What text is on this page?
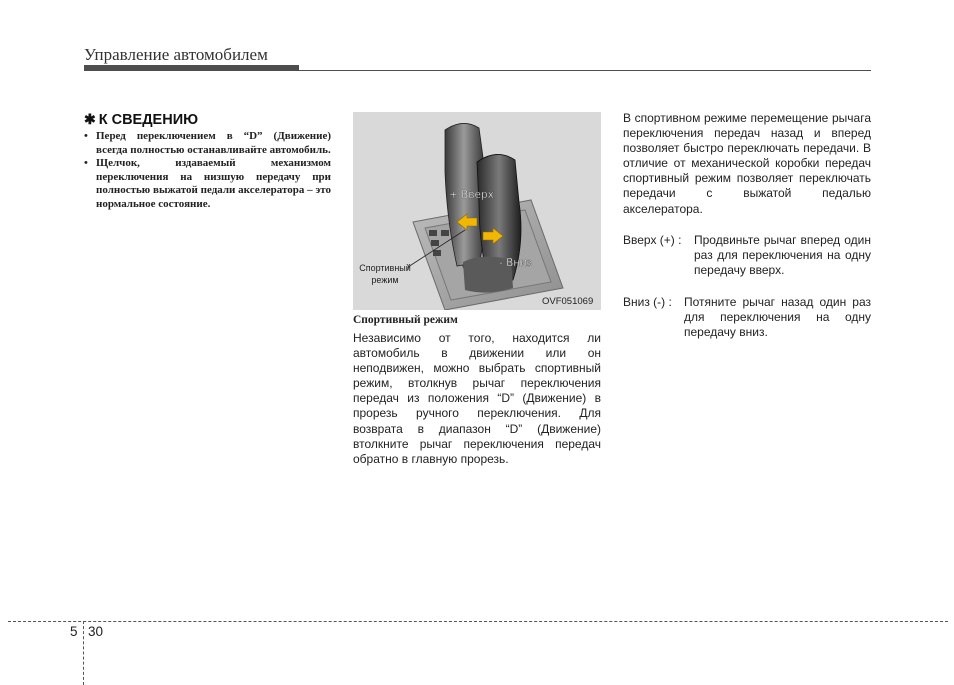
Управление автомобилем
✱ К СВЕДЕНИЮ
• Перед переключением в “D” (Движение) всегда полностью останавливайте автомобиль.
• Щелчок, издаваемый механизмом переключения на низшую передачу при полностью выжатой педали акселератора – это нормальное состояние.
+ Вверх
- Вниз
Спортивный режим
OVF051069
Спортивный режим

Независимо от того, находится ли автомобиль в движении или он неподвижен, можно выбрать спортивный режим, втолкнув рычаг переключения передач из положения “D” (Движение) в прорезь ручного переключения. Для возврата в диапазон “D” (Движение) втолкните рычаг переключения передач обратно в главную прорезь.

В спортивном режиме перемещение рычага переключения передач назад и вперед позволяет быстро переключать передачи. В отличие от механической коробки передач спортивный режим позволяет переключать передачи с выжатой педалью акселератора.

Вверх (+) : Продвиньте рычаг вперед один раз для переключения на одну передачу вверх.
Вниз (-) : Потяните рычаг назад один раз для переключения на одну передачу вниз.
5 30
